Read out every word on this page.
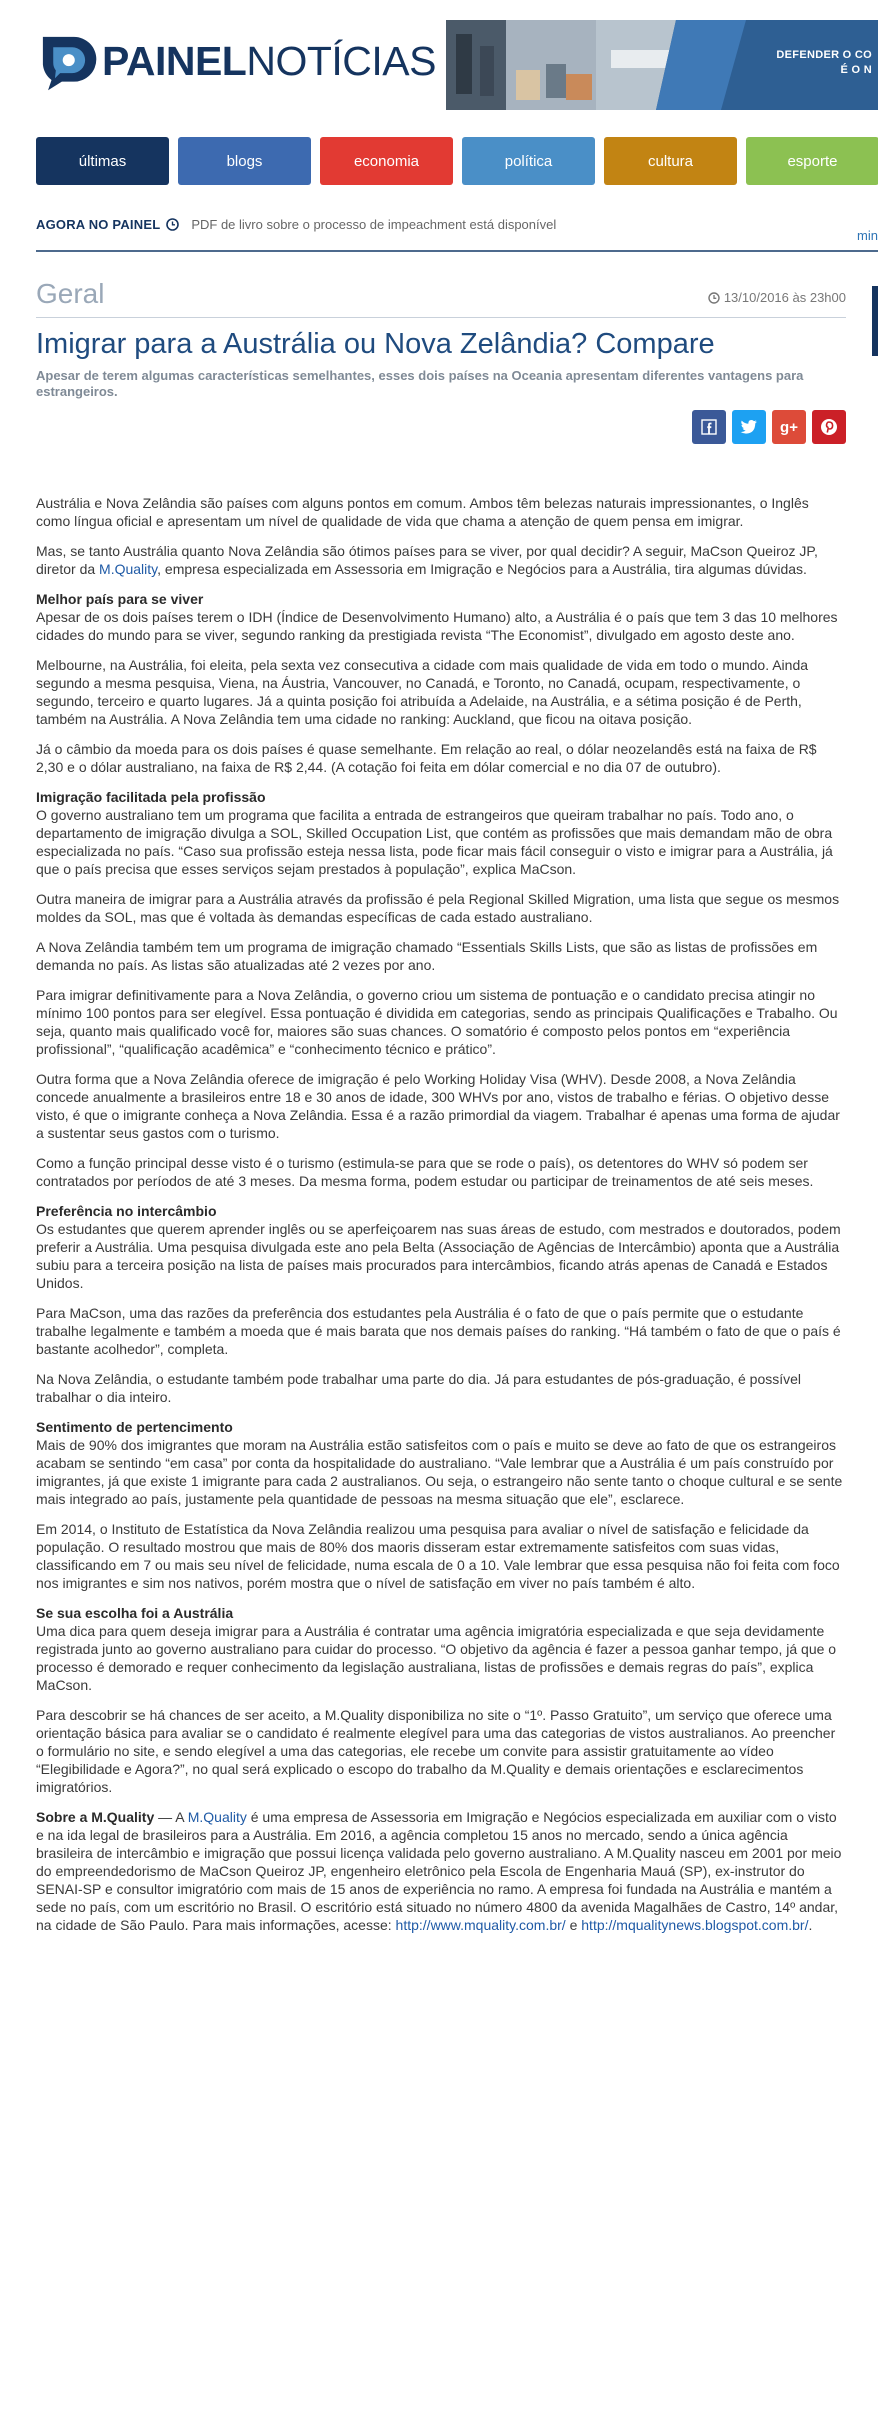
PAINELNOTÍCIAS	DEFENDER O CO
É O N
últimas	blogs	economia	política	cultura	esporte
AGORA NO PAINEL PDF de livro sobre o processo de impeachment está disponível
min
Geral	13/10/2016 às 23h00
Imigrar para a Austrália ou Nova Zelândia? Compare
Apesar de terem algumas características semelhantes, esses dois países na Oceania apresentam diferentes vantagens para estrangeiros.
g+

Austrália e Nova Zelândia são países com alguns pontos em comum. Ambos têm belezas naturais impressionantes, o Inglês como língua oficial e apresentam um nível de qualidade de vida que chama a atenção de quem pensa em imigrar.

Mas, se tanto Austrália quanto Nova Zelândia são ótimos países para se viver, por qual decidir? A seguir, MaCson Queiroz JP, diretor da M.Quality, empresa especializada em Assessoria em Imigração e Negócios para a Austrália, tira algumas dúvidas.

Melhor país para se viver

Apesar de os dois países terem o IDH (Índice de Desenvolvimento Humano) alto, a Austrália é o país que tem 3 das 10 melhores cidades do mundo para se viver, segundo ranking da prestigiada revista “The Economist”, divulgado em agosto deste ano.

Melbourne, na Austrália, foi eleita, pela sexta vez consecutiva a cidade com mais qualidade de vida em todo o mundo. Ainda segundo a mesma pesquisa, Viena, na Áustria, Vancouver, no Canadá, e Toronto, no Canadá, ocupam, respectivamente, o segundo, terceiro e quarto lugares. Já a quinta posição foi atribuída a Adelaide, na Austrália, e a sétima posição é de Perth, também na Austrália. A Nova Zelândia tem uma cidade no ranking: Auckland, que ficou na oitava posição.

Já o câmbio da moeda para os dois países é quase semelhante. Em relação ao real, o dólar neozelandês está na faixa de R$ 2,30 e o dólar australiano, na faixa de R$ 2,44. (A cotação foi feita em dólar comercial e no dia 07 de outubro).

Imigração facilitada pela profissão

O governo australiano tem um programa que facilita a entrada de estrangeiros que queiram trabalhar no país. Todo ano, o departamento de imigração divulga a SOL, Skilled Occupation List, que contém as profissões que mais demandam mão de obra especializada no país. “Caso sua profissão esteja nessa lista, pode ficar mais fácil conseguir o visto e imigrar para a Austrália, já que o país precisa que esses serviços sejam prestados à população”, explica MaCson.

Outra maneira de imigrar para a Austrália através da profissão é pela Regional Skilled Migration, uma lista que segue os mesmos moldes da SOL, mas que é voltada às demandas específicas de cada estado australiano.

A Nova Zelândia também tem um programa de imigração chamado “Essentials Skills Lists, que são as listas de profissões em demanda no país. As listas são atualizadas até 2 vezes por ano.

Para imigrar definitivamente para a Nova Zelândia, o governo criou um sistema de pontuação e o candidato precisa atingir no mínimo 100 pontos para ser elegível. Essa pontuação é dividida em categorias, sendo as principais Qualificações e Trabalho. Ou seja, quanto mais qualificado você for, maiores são suas chances. O somatório é composto pelos pontos em “experiência profissional”, “qualificação acadêmica” e “conhecimento técnico e prático”.

Outra forma que a Nova Zelândia oferece de imigração é pelo Working Holiday Visa (WHV). Desde 2008, a Nova Zelândia concede anualmente a brasileiros entre 18 e 30 anos de idade, 300 WHVs por ano, vistos de trabalho e férias. O objetivo desse visto, é que o imigrante conheça a Nova Zelândia. Essa é a razão primordial da viagem. Trabalhar é apenas uma forma de ajudar a sustentar seus gastos com o turismo.

Como a função principal desse visto é o turismo (estimula-se para que se rode o país), os detentores do WHV só podem ser contratados por períodos de até 3 meses. Da mesma forma, podem estudar ou participar de treinamentos de até seis meses.

Preferência no intercâmbio

Os estudantes que querem aprender inglês ou se aperfeiçoarem nas suas áreas de estudo, com mestrados e doutorados, podem preferir a Austrália. Uma pesquisa divulgada este ano pela Belta (Associação de Agências de Intercâmbio) aponta que a Austrália subiu para a terceira posição na lista de países mais procurados para intercâmbios, ficando atrás apenas de Canadá e Estados Unidos.

Para MaCson, uma das razões da preferência dos estudantes pela Austrália é o fato de que o país permite que o estudante trabalhe legalmente e também a moeda que é mais barata que nos demais países do ranking. “Há também o fato de que o país é bastante acolhedor”, completa.

Na Nova Zelândia, o estudante também pode trabalhar uma parte do dia. Já para estudantes de pós-graduação, é possível trabalhar o dia inteiro.

Sentimento de pertencimento

Mais de 90% dos imigrantes que moram na Austrália estão satisfeitos com o país e muito se deve ao fato de que os estrangeiros acabam se sentindo “em casa” por conta da hospitalidade do australiano. “Vale lembrar que a Austrália é um país construído por imigrantes, já que existe 1 imigrante para cada 2 australianos. Ou seja, o estrangeiro não sente tanto o choque cultural e se sente mais integrado ao país, justamente pela quantidade de pessoas na mesma situação que ele”, esclarece.

Em 2014, o Instituto de Estatística da Nova Zelândia realizou uma pesquisa para avaliar o nível de satisfação e felicidade da população. O resultado mostrou que mais de 80% dos maoris disseram estar extremamente satisfeitos com suas vidas, classificando em 7 ou mais seu nível de felicidade, numa escala de 0 a 10. Vale lembrar que essa pesquisa não foi feita com foco nos imigrantes e sim nos nativos, porém mostra que o nível de satisfação em viver no país também é alto.

Se sua escolha foi a Austrália

Uma dica para quem deseja imigrar para a Austrália é contratar uma agência imigratória especializada e que seja devidamente registrada junto ao governo australiano para cuidar do processo. “O objetivo da agência é fazer a pessoa ganhar tempo, já que o processo é demorado e requer conhecimento da legislação australiana, listas de profissões e demais regras do país”, explica MaCson.

Para descobrir se há chances de ser aceito, a M.Quality disponibiliza no site o “1º. Passo Gratuito”, um serviço que oferece uma orientação básica para avaliar se o candidato é realmente elegível para uma das categorias de vistos australianos. Ao preencher o formulário no site, e sendo elegível a uma das categorias, ele recebe um convite para assistir gratuitamente ao vídeo “Elegibilidade e Agora?”, no qual será explicado o escopo do trabalho da M.Quality e demais orientações e esclarecimentos imigratórios.

Sobre a M.Quality — A M.Quality é uma empresa de Assessoria em Imigração e Negócios especializada em auxiliar com o visto e na ida legal de brasileiros para a Austrália. Em 2016, a agência completou 15 anos no mercado, sendo a única agência brasileira de intercâmbio e imigração que possui licença validada pelo governo australiano. A M.Quality nasceu em 2001 por meio do empreendedorismo de MaCson Queiroz JP, engenheiro eletrônico pela Escola de Engenharia Mauá (SP), ex-instrutor do SENAI-SP e consultor imigratório com mais de 15 anos de experiência no ramo. A empresa foi fundada na Austrália e mantém a sede no país, com um escritório no Brasil. O escritório está situado no número 4800 da avenida Magalhães de Castro, 14º andar, na cidade de São Paulo. Para mais informações, acesse: http://www.mquality.com.br/ e http://mqualitynews.blogspot.com.br/.
